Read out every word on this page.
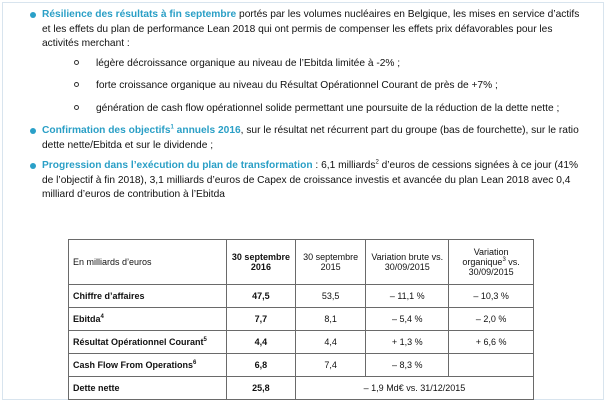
Résilience des résultats à fin septembre portés par les volumes nucléaires en Belgique, les mises en service d’actifs et les effets du plan de performance Lean 2018 qui ont permis de compenser les effets prix défavorables pour les activités merchant :
légère décroissance organique au niveau de l’Ebitda limitée à -2% ;
forte croissance organique au niveau du Résultat Opérationnel Courant de près de +7% ;
génération de cash flow opérationnel solide permettant une poursuite de la réduction de la dette nette ;
Confirmation des objectifs$^1$ annuels 2016, sur le résultat net récurrent part du groupe (bas de fourchette), sur le ratio dette nette/Ebitda et sur le dividende ;
Progression dans l’exécution du plan de transformation : 6,1 milliards$^2$ d’euros de cessions signées à ce jour (41% de l’objectif à fin 2018), 3,1 milliards d’euros de Capex de croissance investis et avancée du plan Lean 2018 avec 0,4 milliard d’euros de contribution à l’Ebitda
En milliards d’euros	30 septembre 2016	30 septembre 2015	Variation brute vs. 30/09/2015	Variation organique$^3$ vs. 30/09/2015
Chiffre d’affaires	47,5	53,5	– 11,1 %	– 10,3 %
Ebitda$^4$	7,7	8,1	– 5,4 %	– 2,0 %
Résultat Opérationnel Courant$^5$	4,4	4,4	+ 1,3 %	+ 6,6 %
Cash Flow From Operations$^6$	6,8	7,4	– 8,3 %	
Dette nette	25,8	– 1,9 Md€ vs. 31/12/2015		
